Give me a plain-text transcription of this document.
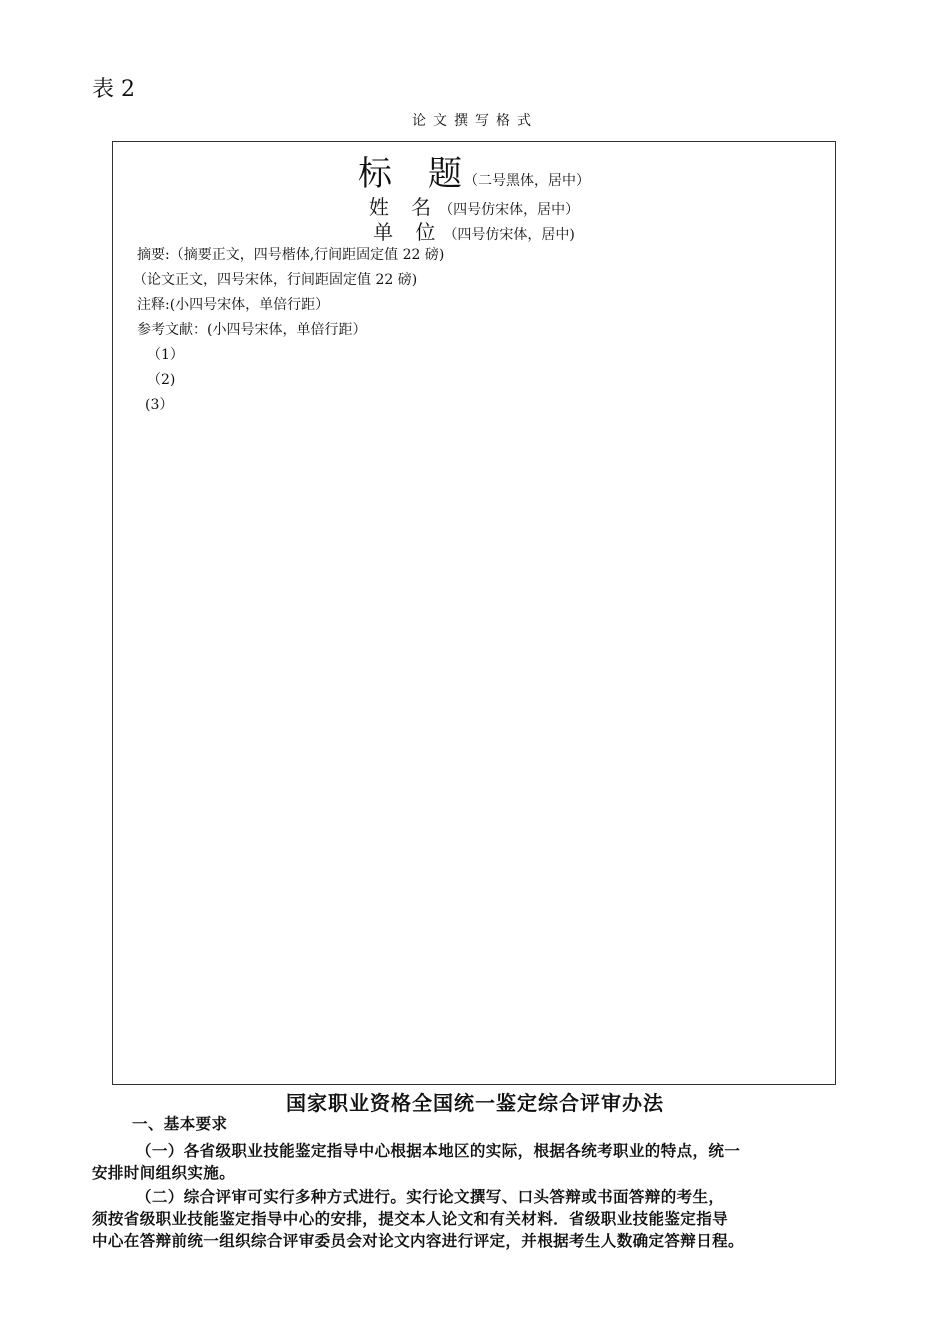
表 2
论文撰写格式
标 题（二号黑体，居中）
姓 名（四号仿宋体，居中）
单 位（四号仿宋体，居中)
摘要:（摘要正文，四号楷体,行间距固定值 22 磅)
（论文正文，四号宋体，行间距固定值 22 磅)
注释:(小四号宋体，单倍行距）
参考文献：(小四号宋体，单倍行距）
（1）
（2)
(3）
国家职业资格全国统一鉴定综合评审办法
一、基本要求
（一）各省级职业技能鉴定指导中心根据本地区的实际，根据各统考职业的特点，统一
安排时间组织实施。
（二）综合评审可实行多种方式进行。实行论文撰写、口头答辩或书面答辩的考生，
须按省级职业技能鉴定指导中心的安排，提交本人论文和有关材料．省级职业技能鉴定指导
中心在答辩前统一组织综合评审委员会对论文内容进行评定，并根据考生人数确定答辩日程。
